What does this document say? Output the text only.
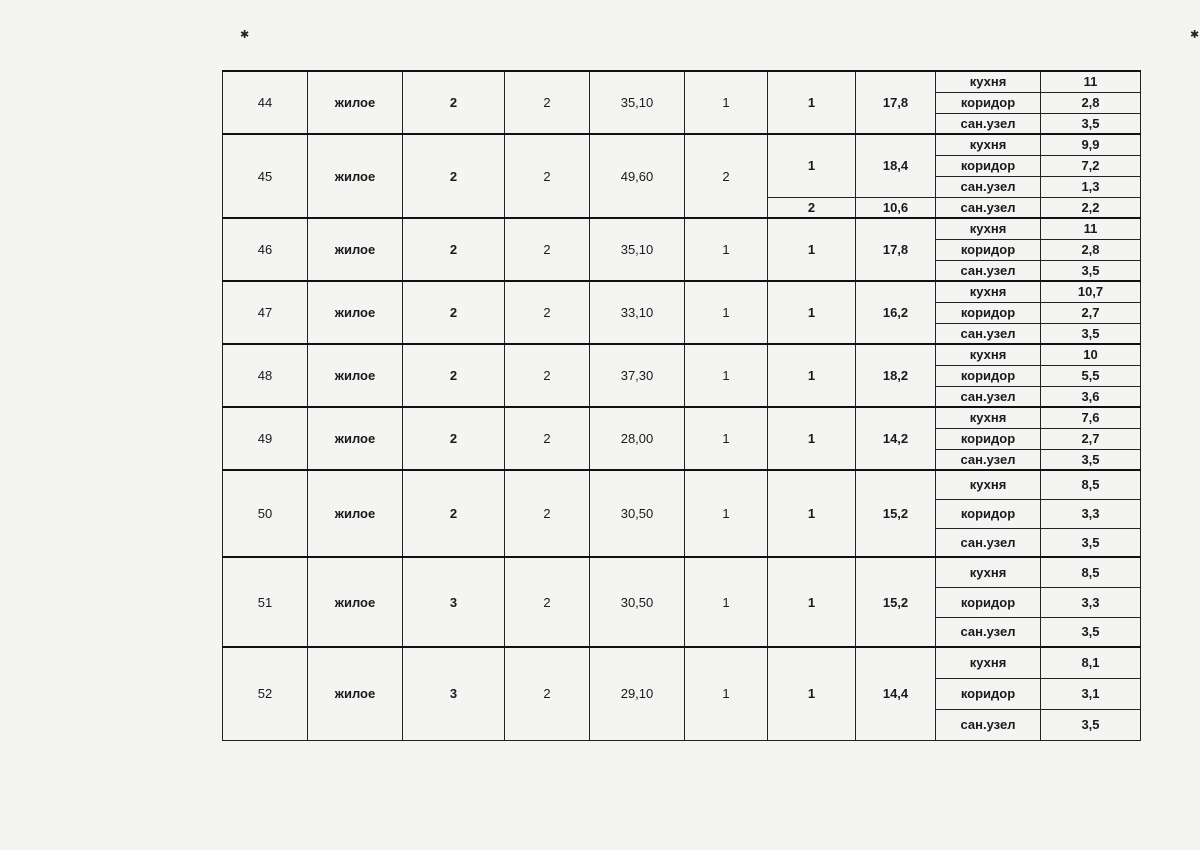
✱	✱
44	жилое	2	2	35,10	1	1	17,8	кухня	11
								коридор	2,8
								сан.узел	3,5
45	жилое	2	2	49,60	2	1	18,4	кухня	9,9
								коридор	7,2
								сан.узел	1,3
						2	10,6	сан.узел	2,2
46	жилое	2	2	35,10	1	1	17,8	кухня	11
								коридор	2,8
								сан.узел	3,5
47	жилое	2	2	33,10	1	1	16,2	кухня	10,7
								коридор	2,7
								сан.узел	3,5
48	жилое	2	2	37,30	1	1	18,2	кухня	10
								коридор	5,5
								сан.узел	3,6
49	жилое	2	2	28,00	1	1	14,2	кухня	7,6
								коридор	2,7
								сан.узел	3,5
50	жилое	2	2	30,50	1	1	15,2	кухня	8,5
								коридор	3,3
								сан.узел	3,5
51	жилое	3	2	30,50	1	1	15,2	кухня	8,5
								коридор	3,3
								сан.узел	3,5
52	жилое	3	2	29,10	1	1	14,4	кухня	8,1
								коридор	3,1
								сан.узел	3,5
